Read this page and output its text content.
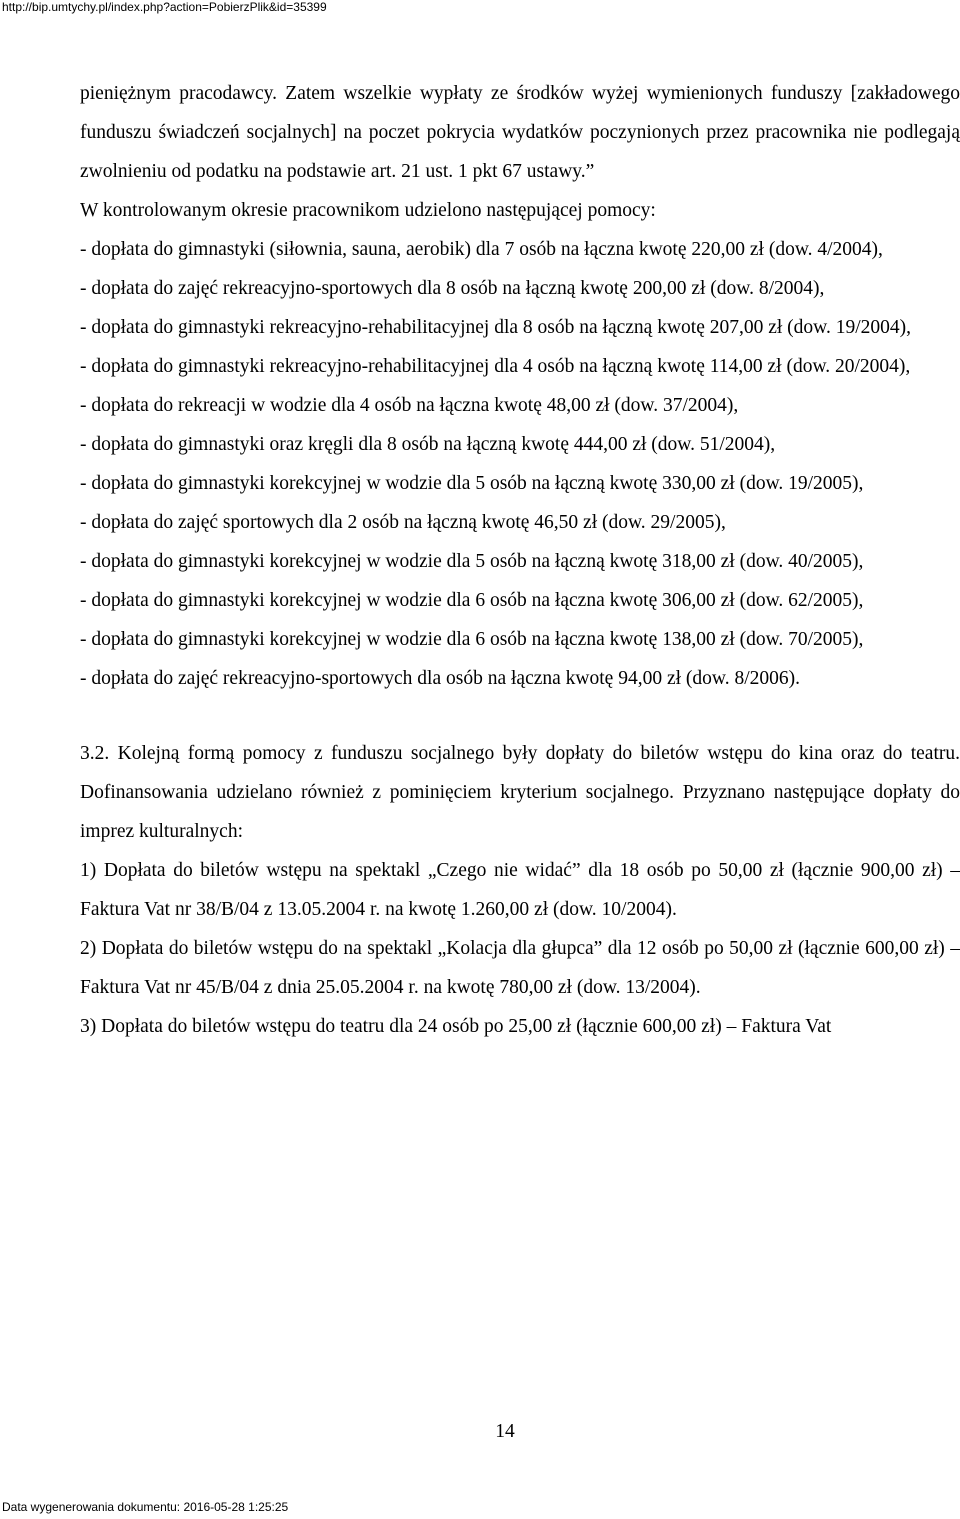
http://bip.umtychy.pl/index.php?action=PobierzPlik&id=35399

pieniężnym pracodawcy. Zatem wszelkie wypłaty ze środków wyżej wymienionych funduszy [zakładowego funduszu świadczeń socjalnych] na poczet pokrycia wydatków poczynionych przez pracownika nie podlegają zwolnieniu od podatku na podstawie art. 21 ust. 1 pkt 67 ustawy.”

W kontrolowanym okresie pracownikom udzielono następującej pomocy:

- dopłata do gimnastyki (siłownia, sauna, aerobik) dla 7 osób na łączna kwotę 220,00 zł (dow. 4/2004),

- dopłata do zajęć rekreacyjno-sportowych dla 8 osób na łączną kwotę 200,00 zł (dow. 8/2004),

- dopłata do gimnastyki rekreacyjno-rehabilitacyjnej dla 8 osób na łączną kwotę 207,00 zł (dow. 19/2004),

- dopłata do gimnastyki rekreacyjno-rehabilitacyjnej dla 4 osób na łączną kwotę 114,00 zł (dow. 20/2004),

- dopłata do rekreacji w wodzie dla 4 osób na łączna kwotę 48,00 zł (dow. 37/2004),

- dopłata do gimnastyki oraz kręgli dla 8 osób na łączną kwotę 444,00 zł (dow. 51/2004),

- dopłata do gimnastyki korekcyjnej w wodzie dla 5 osób na łączną kwotę 330,00 zł (dow. 19/2005),

- dopłata do zajęć sportowych dla 2 osób na łączną kwotę 46,50 zł (dow. 29/2005),

- dopłata do gimnastyki korekcyjnej w wodzie dla 5 osób na łączną kwotę 318,00 zł (dow. 40/2005),

- dopłata do gimnastyki korekcyjnej w wodzie dla 6 osób na łączna kwotę 306,00 zł (dow. 62/2005),

- dopłata do gimnastyki korekcyjnej w wodzie dla 6 osób na łączna kwotę 138,00 zł (dow. 70/2005),

- dopłata do zajęć rekreacyjno-sportowych dla osób na łączna kwotę 94,00 zł (dow. 8/2006).

3.2. Kolejną formą pomocy z funduszu socjalnego były dopłaty do biletów wstępu do kina oraz do teatru. Dofinansowania udzielano również z pominięciem kryterium socjalnego. Przyznano następujące dopłaty do imprez kulturalnych:

1) Dopłata do biletów wstępu na spektakl „Czego nie widać” dla 18 osób po 50,00 zł (łącznie 900,00 zł) – Faktura Vat nr 38/B/04 z 13.05.2004 r. na kwotę 1.260,00 zł (dow. 10/2004).

2) Dopłata do biletów wstępu do na spektakl „Kolacja dla głupca” dla 12 osób po 50,00 zł (łącznie 600,00 zł) – Faktura Vat nr 45/B/04 z dnia 25.05.2004 r. na kwotę 780,00 zł (dow. 13/2004).

3) Dopłata do biletów wstępu do teatru dla 24 osób po 25,00 zł (łącznie 600,00 zł) – Faktura Vat

14
Data wygenerowania dokumentu: 2016-05-28 1:25:25
